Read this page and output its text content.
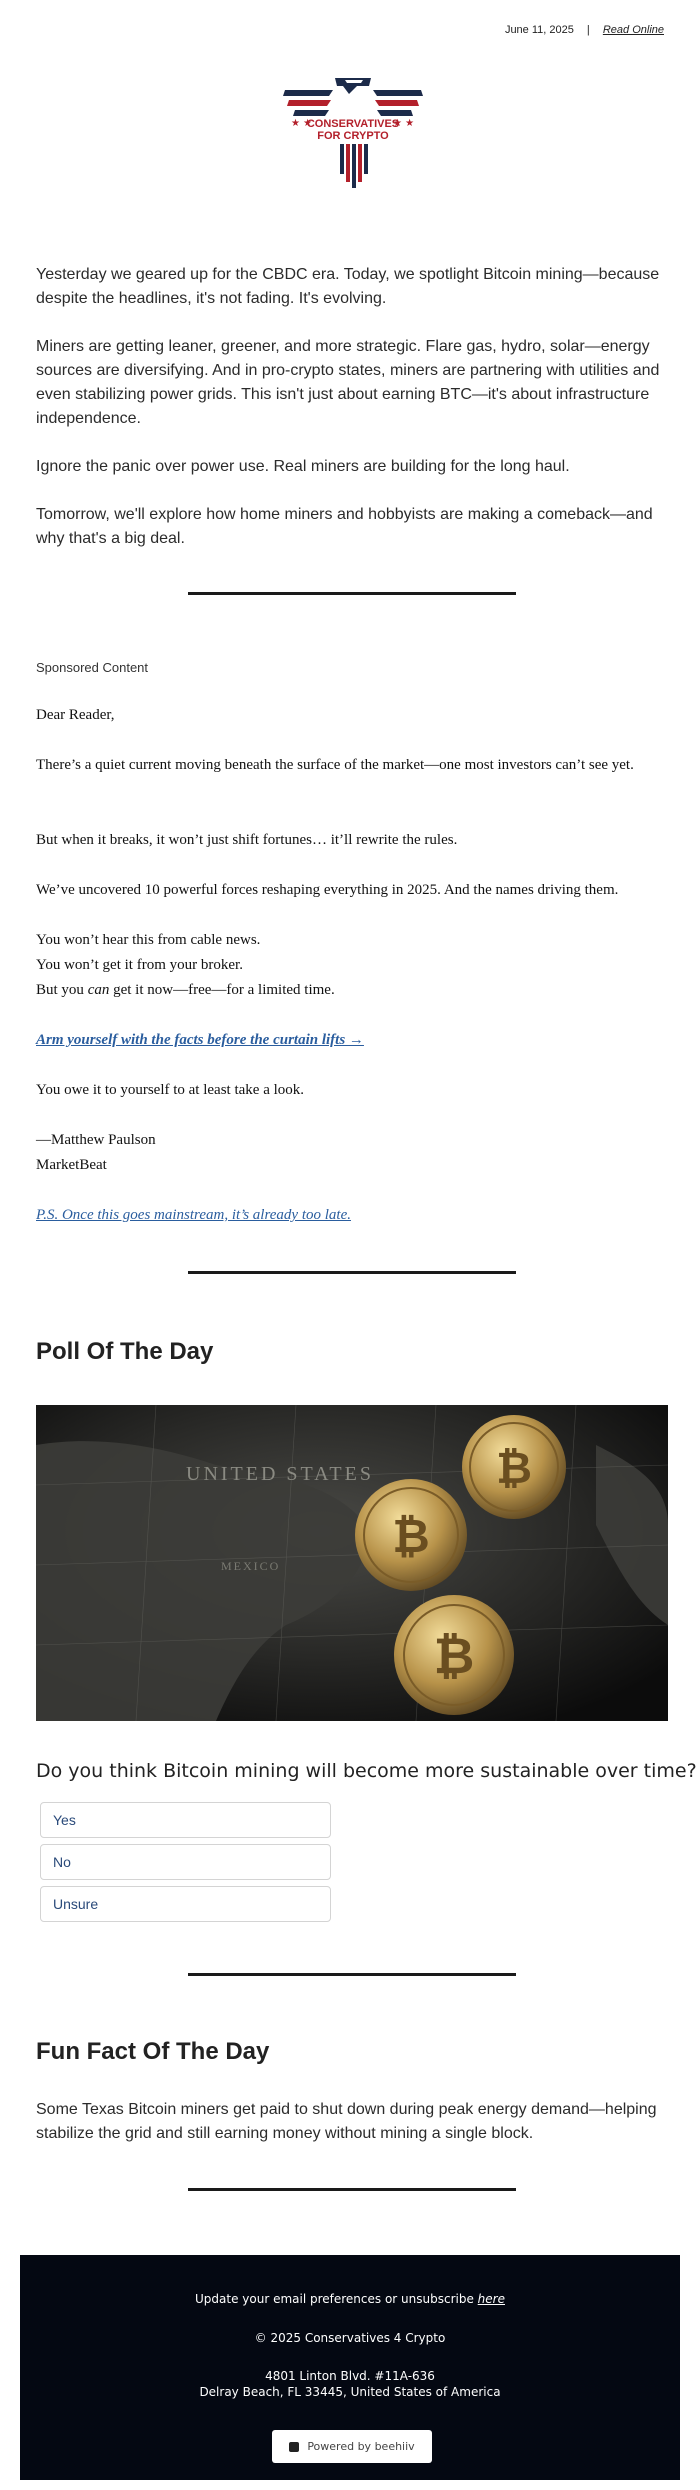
June 11, 2025 | Read Online
★ ★	★ ★
CONSERVATIVES
FOR CRYPTO

Yesterday we geared up for the CBDC era. Today, we spotlight Bitcoin mining—because despite the headlines, it's not fading. It's evolving.

Miners are getting leaner, greener, and more strategic. Flare gas, hydro, solar—energy sources are diversifying. And in pro-crypto states, miners are partnering with utilities and even stabilizing power grids. This isn't just about earning BTC—it's about infrastructure independence.

Ignore the panic over power use. Real miners are building for the long haul.

Tomorrow, we'll explore how home miners and hobbyists are making a comeback—and why that's a big deal.

Sponsored Content

Dear Reader,

There’s a quiet current moving beneath the surface of the market—one most investors can’t see yet.

But when it breaks, it won’t just shift fortunes… it’ll rewrite the rules.

We’ve uncovered 10 powerful forces reshaping everything in 2025. And the names driving them.

You won’t hear this from cable news.

You won’t get it from your broker.

But you can get it now—free—for a limited time.

Arm yourself with the facts before the curtain lifts →

You owe it to yourself to at least take a look.

—Matthew Paulson

MarketBeat

P.S. Once this goes mainstream, it’s already too late.

Poll Of The Day
UNITED STATES
MEXICO
₿
₿
₿

Do you think Bitcoin mining will become more sustainable over time?

Yes
No
Unsure
Fun Fact Of The Day

Some Texas Bitcoin miners get paid to shut down during peak energy demand—helping stabilize the grid and still earning money without mining a single block.

Update your email preferences or unsubscribe here
© 2025 Conservatives 4 Crypto
4801 Linton Blvd. #11A-636
Delray Beach, FL 33445, United States of America
Powered by beehiiv
